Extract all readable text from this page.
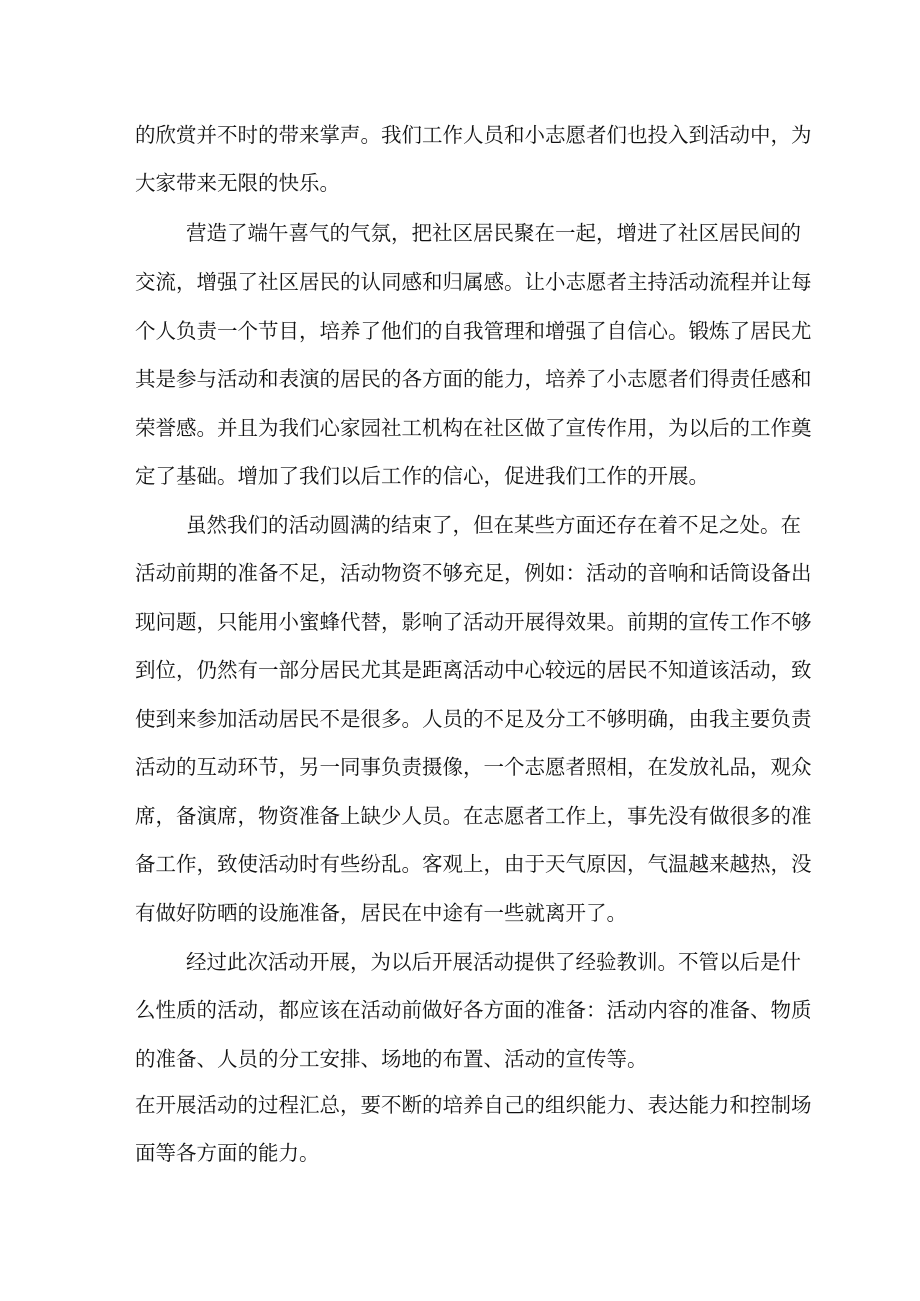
的欣赏并不时的带来掌声。我们工作人员和小志愿者们也投入到活动中，为
大家带来无限的快乐。
营造了端午喜气的气氛，把社区居民聚在一起，增进了社区居民间的
交流，增强了社区居民的认同感和归属感。让小志愿者主持活动流程并让每
个人负责一个节目，培养了他们的自我管理和增强了自信心。锻炼了居民尤
其是参与活动和表演的居民的各方面的能力，培养了小志愿者们得责任感和
荣誉感。并且为我们心家园社工机构在社区做了宣传作用，为以后的工作奠
定了基础。增加了我们以后工作的信心，促进我们工作的开展。
虽然我们的活动圆满的结束了，但在某些方面还存在着不足之处。在
活动前期的准备不足，活动物资不够充足，例如：活动的音响和话筒设备出
现问题，只能用小蜜蜂代替，影响了活动开展得效果。前期的宣传工作不够
到位，仍然有一部分居民尤其是距离活动中心较远的居民不知道该活动，致
使到来参加活动居民不是很多。人员的不足及分工不够明确，由我主要负责
活动的互动环节，另一同事负责摄像，一个志愿者照相，在发放礼品，观众
席，备演席，物资准备上缺少人员。在志愿者工作上，事先没有做很多的准
备工作，致使活动时有些纷乱。客观上，由于天气原因，气温越来越热，没
有做好防晒的设施准备，居民在中途有一些就离开了。
经过此次活动开展，为以后开展活动提供了经验教训。不管以后是什
么性质的活动，都应该在活动前做好各方面的准备：活动内容的准备、物质
的准备、人员的分工安排、场地的布置、活动的宣传等。
在开展活动的过程汇总，要不断的培养自己的组织能力、表达能力和控制场
面等各方面的能力。
